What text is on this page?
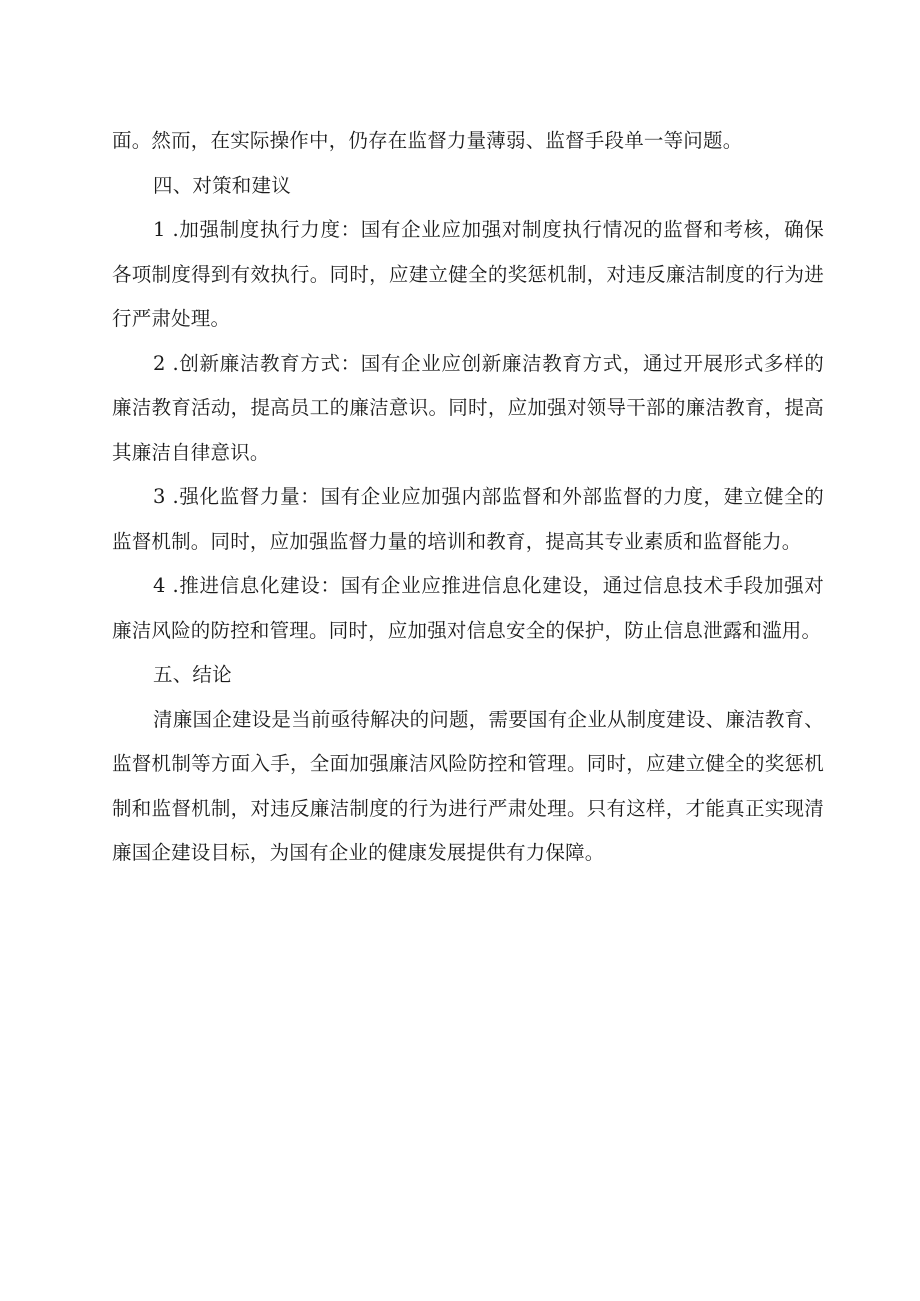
面。然而，在实际操作中，仍存在监督力量薄弱、监督手段单一等问题。

四、对策和建议

1 .加强制度执行力度：国有企业应加强对制度执行情况的监督和考核，确保各项制度得到有效执行。同时，应建立健全的奖惩机制，对违反廉洁制度的行为进行严肃处理。

2 .创新廉洁教育方式：国有企业应创新廉洁教育方式，通过开展形式多样的廉洁教育活动，提高员工的廉洁意识。同时，应加强对领导干部的廉洁教育，提高其廉洁自律意识。

3 .强化监督力量：国有企业应加强内部监督和外部监督的力度，建立健全的监督机制。同时，应加强监督力量的培训和教育，提高其专业素质和监督能力。

4 .推进信息化建设：国有企业应推进信息化建设，通过信息技术手段加强对廉洁风险的防控和管理。同时，应加强对信息安全的保护，防止信息泄露和滥用。

五、结论

清廉国企建设是当前亟待解决的问题，需要国有企业从制度建设、廉洁教育、监督机制等方面入手，全面加强廉洁风险防控和管理。同时，应建立健全的奖惩机制和监督机制，对违反廉洁制度的行为进行严肃处理。只有这样，才能真正实现清廉国企建设目标，为国有企业的健康发展提供有力保障。
